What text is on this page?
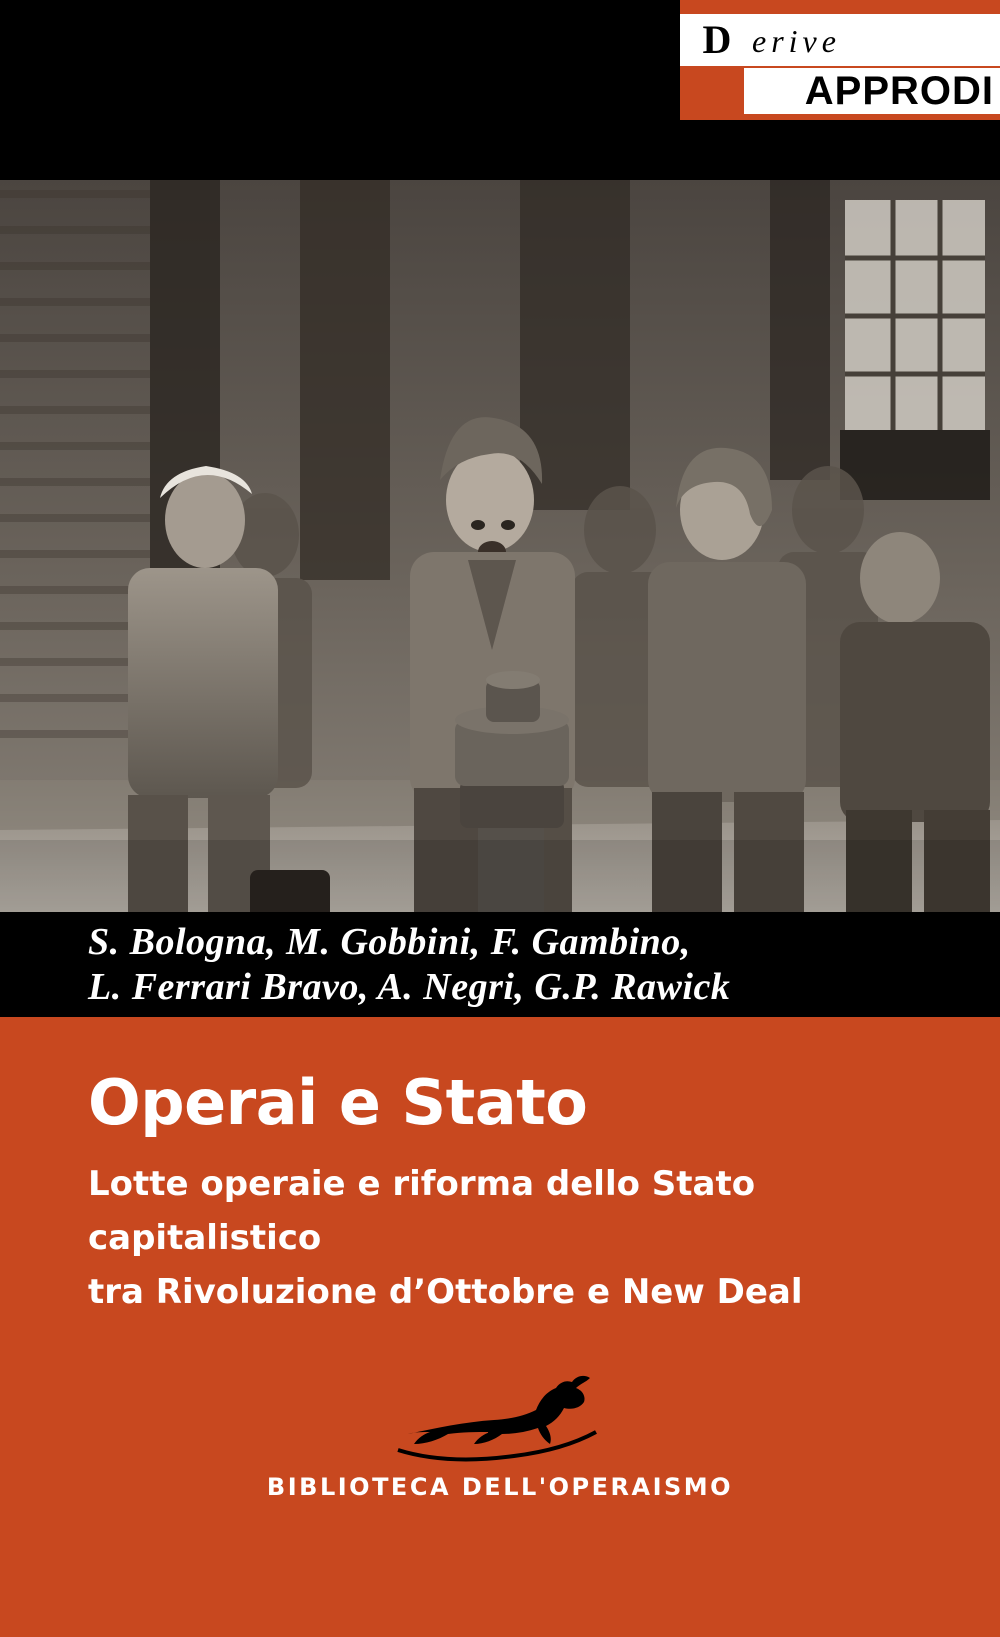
D erive
APPRODI
S. Bologna, M. Gobbini, F. Gambino,
L. Ferrari Bravo, A. Negri, G.P. Rawick
Operai e Stato
Lotte operaie e riforma dello Stato capitalistico
tra Rivoluzione d’Ottobre e New Deal
BIBLIOTECA DELL'OPERAISMO
